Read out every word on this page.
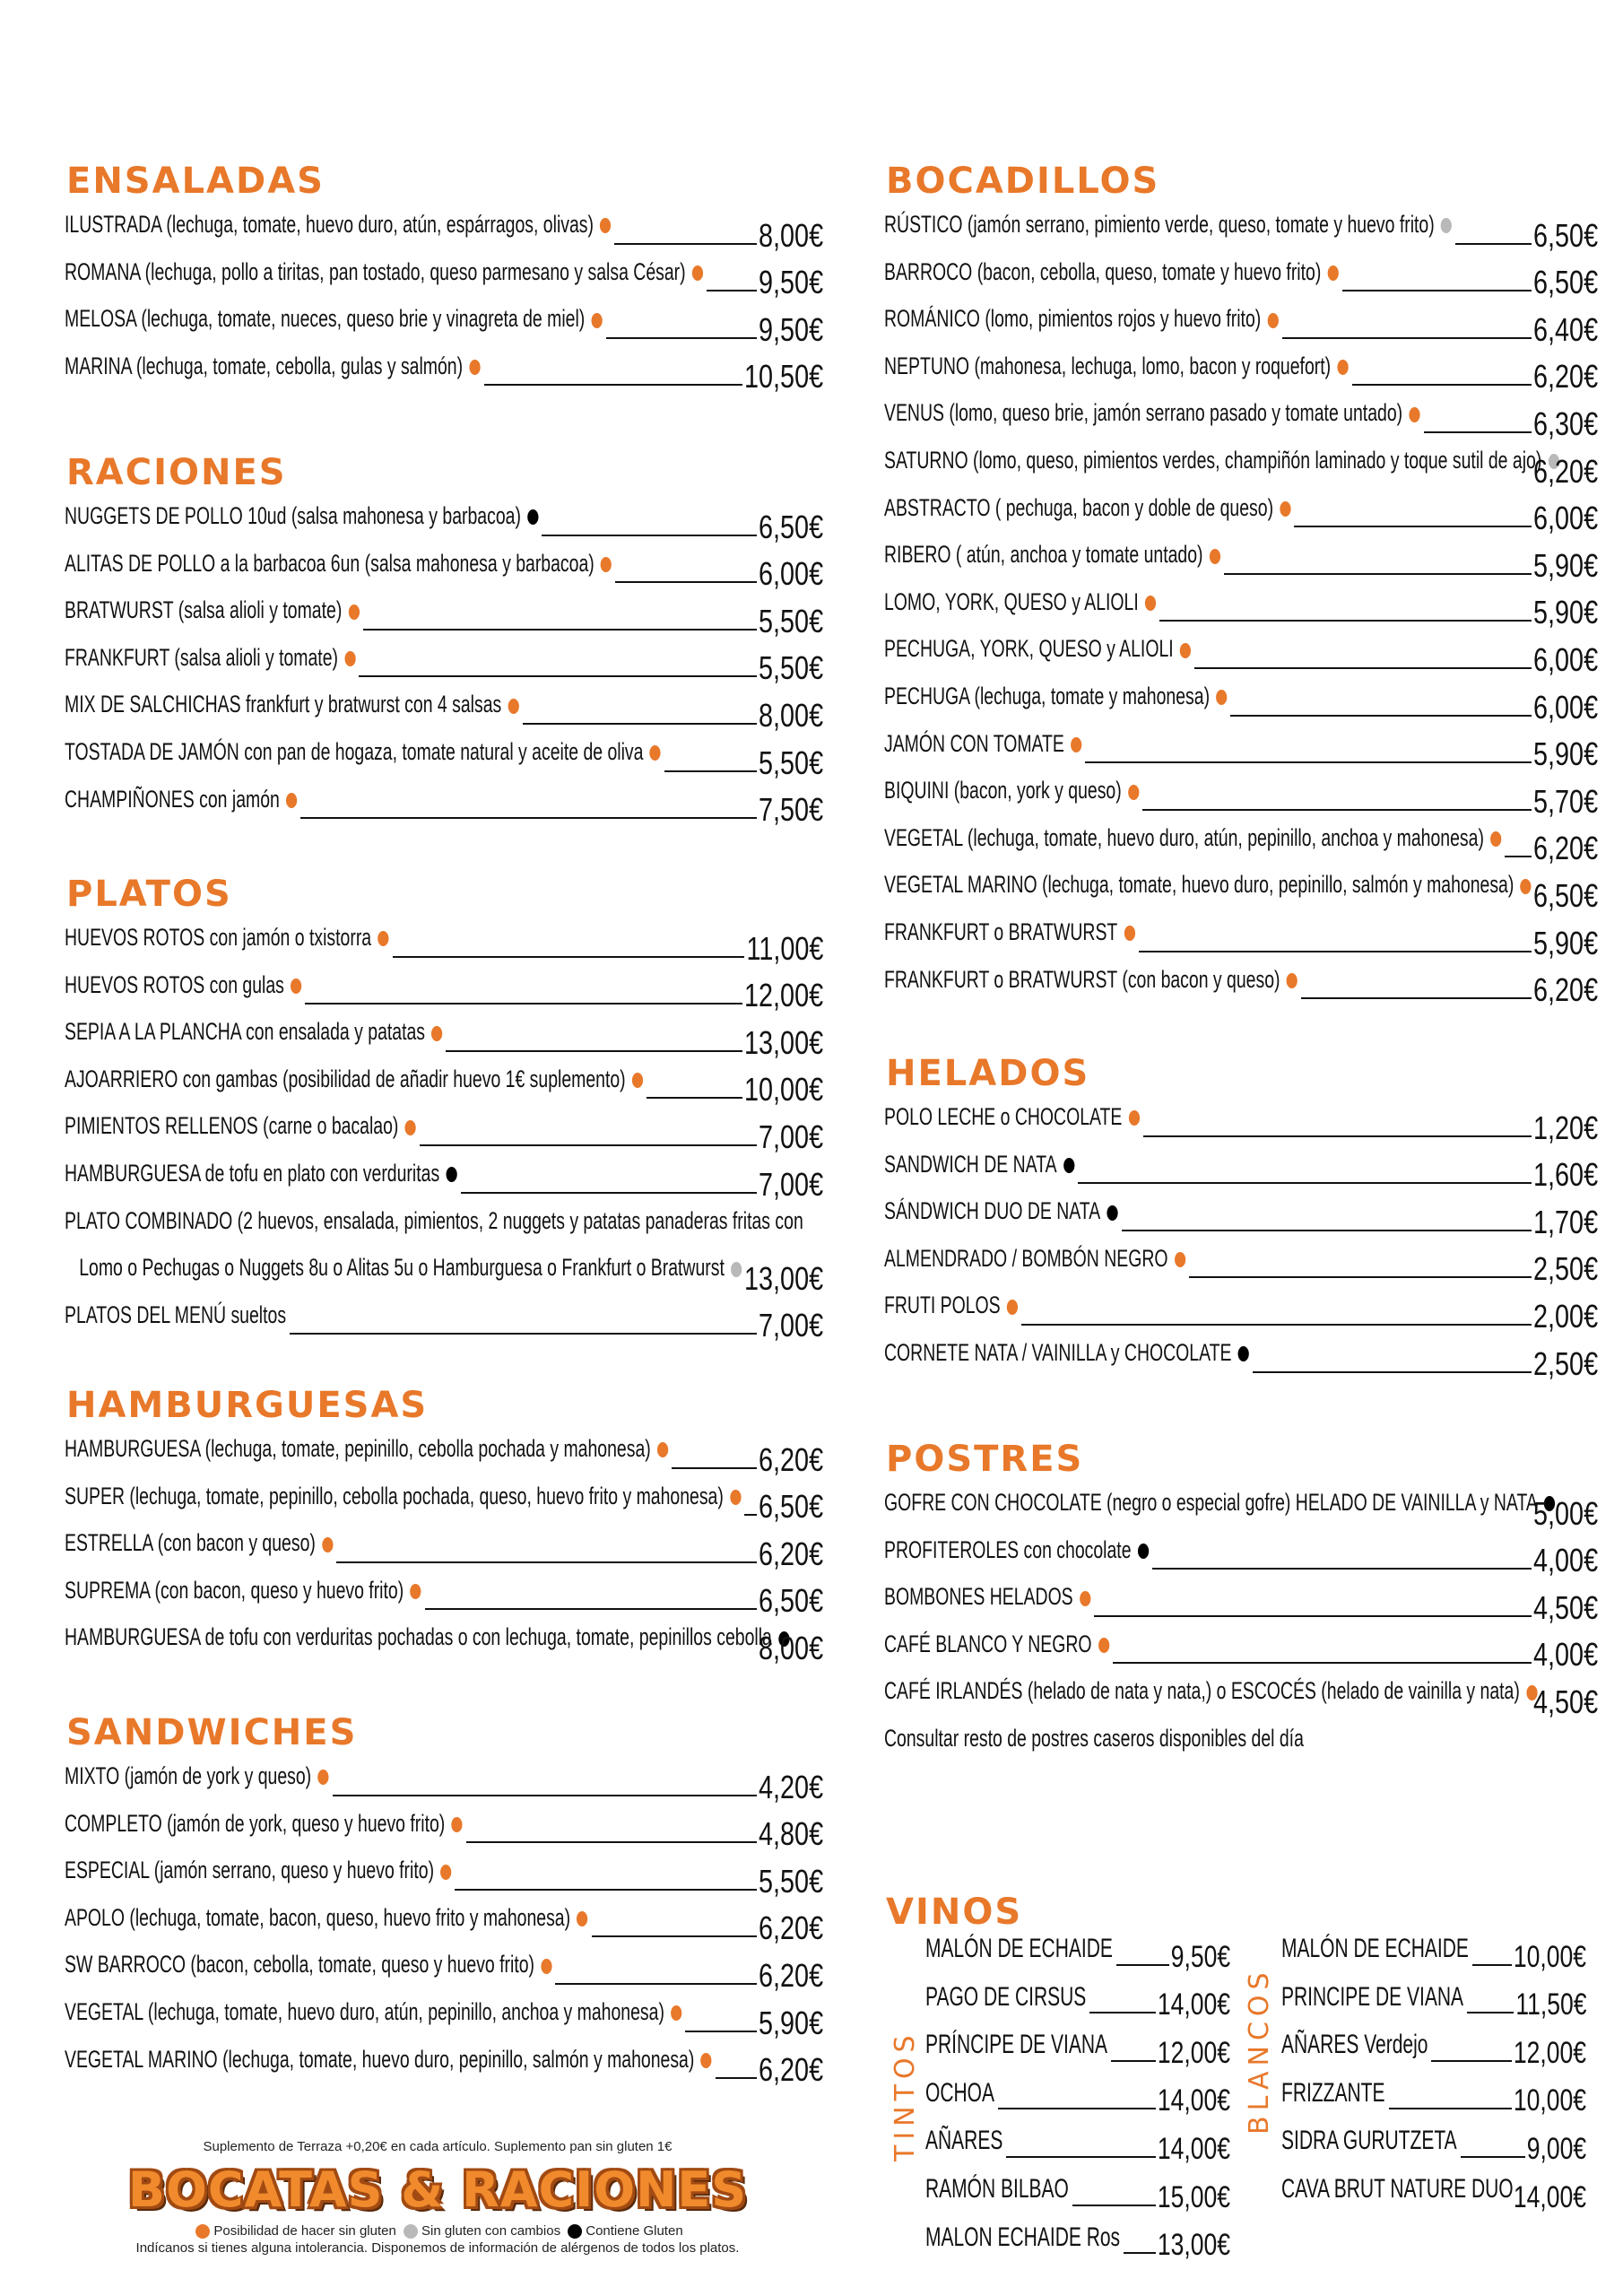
ENSALADAS
ILUSTRADA (lechuga, tomate, huevo duro, atún, espárragos, olivas)	8,00€
ROMANA (lechuga, pollo a tiritas, pan tostado, queso parmesano y salsa César)	9,50€
MELOSA (lechuga, tomate, nueces, queso brie y vinagreta de miel)	9,50€
MARINA (lechuga, tomate, cebolla, gulas y salmón)	10,50€
RACIONES
NUGGETS DE POLLO 10ud (salsa mahonesa y barbacoa)	6,50€
ALITAS DE POLLO a la barbacoa 6un (salsa mahonesa y barbacoa)	6,00€
BRATWURST (salsa alioli y tomate)	5,50€
FRANKFURT (salsa alioli y tomate)	5,50€
MIX DE SALCHICHAS frankfurt y bratwurst con 4 salsas	8,00€
TOSTADA DE JAMÓN con pan de hogaza, tomate natural y aceite de oliva	5,50€
CHAMPIÑONES con jamón	7,50€
PLATOS
HUEVOS ROTOS con jamón o txistorra	11,00€
HUEVOS ROTOS con gulas	12,00€
SEPIA A LA PLANCHA con ensalada y patatas	13,00€
AJOARRIERO con gambas (posibilidad de añadir huevo 1€ suplemento)	10,00€
PIMIENTOS RELLENOS (carne o bacalao)	7,00€
HAMBURGUESA de tofu en plato con verduritas	7,00€
PLATO COMBINADO (2 huevos, ensalada, pimientos, 2 nuggets y patatas panaderas fritas con
Lomo o Pechugas o Nuggets 8u o Alitas 5u o Hamburguesa o Frankfurt o Bratwurst 13,00€
PLATOS DEL MENÚ sueltos	7,00€
HAMBURGUESAS
HAMBURGUESA (lechuga, tomate, pepinillo, cebolla pochada y mahonesa)	6,20€
SUPER (lechuga, tomate, pepinillo, cebolla pochada, queso, huevo frito y mahonesa)	6,50€
ESTRELLA (con bacon y queso)	6,20€
SUPREMA (con bacon, queso y huevo frito)	6,50€
HAMBURGUESA de tofu con verduritas pochadas o con lechuga, tomate, pepinillos cebolla
8,00€
SANDWICHES
MIXTO (jamón de york y queso)	4,20€
COMPLETO (jamón de york, queso y huevo frito)	4,80€
ESPECIAL (jamón serrano, queso y huevo frito)	5,50€
APOLO (lechuga, tomate, bacon, queso, huevo frito y mahonesa)	6,20€
SW BARROCO (bacon, cebolla, tomate, queso y huevo frito)	6,20€
VEGETAL (lechuga, tomate, huevo duro, atún, pepinillo, anchoa y mahonesa)	5,90€
VEGETAL MARINO (lechuga, tomate, huevo duro, pepinillo, salmón y mahonesa)	6,20€
BOCADILLOS
RÚSTICO (jamón serrano, pimiento verde, queso, tomate y huevo frito)	6,50€
BARROCO (bacon, cebolla, queso, tomate y huevo frito)	6,50€
ROMÁNICO (lomo, pimientos rojos y huevo frito)	6,40€
NEPTUNO (mahonesa, lechuga, lomo, bacon y roquefort)	6,20€
VENUS (lomo, queso brie, jamón serrano pasado y tomate untado)	6,30€
SATURNO (lomo, queso, pimientos verdes, champiñón laminado y toque sutil de ajo)
6,20€
ABSTRACTO ( pechuga, bacon y doble de queso)	6,00€
RIBERO ( atún, anchoa y tomate untado)	5,90€
LOMO, YORK, QUESO y ALIOLI	5,90€
PECHUGA, YORK, QUESO y ALIOLI	6,00€
PECHUGA (lechuga, tomate y mahonesa)	6,00€
JAMÓN CON TOMATE	5,90€
BIQUINI (bacon, york y queso)	5,70€
VEGETAL (lechuga, tomate, huevo duro, atún, pepinillo, anchoa y mahonesa)	6,20€
VEGETAL MARINO (lechuga, tomate, huevo duro, pepinillo, salmón y mahonesa) 6,50€
FRANKFURT o BRATWURST	5,90€
FRANKFURT o BRATWURST (con bacon y queso)	6,20€
HELADOS
POLO LECHE o CHOCOLATE	1,20€
SANDWICH DE NATA	1,60€
SÁNDWICH DUO DE NATA	1,70€
ALMENDRADO / BOMBÓN NEGRO	2,50€
FRUTI POLOS	2,00€
CORNETE NATA / VAINILLA y CHOCOLATE	2,50€
POSTRES
GOFRE CON CHOCOLATE (negro o especial gofre) HELADO DE VAINILLA y NATA
5,00€
PROFITEROLES con chocolate	4,00€
BOMBONES HELADOS	4,50€
CAFÉ BLANCO Y NEGRO	4,00€
CAFÉ IRLANDÉS (helado de nata y nata,) o ESCOCÉS (helado de vainilla y nata) 4,50€
Consultar resto de postres caseros disponibles del día
VINOS
TINTOS	BLANCOS
MALÓN DE ECHAIDE 9,50€
PAGO DE CIRSUS 14,00€
PRÍNCIPE DE VIANA 12,00€
OCHOA	14,00€
AÑARES	14,00€
RAMÓN BILBAO	15,00€
MALON ECHAIDE Ros 13,00€
MALÓN DE ECHAIDE 10,00€
PRINCIPE DE VIANA 11,50€
AÑARES Verdejo	12,00€
FRIZZANTE	10,00€
SIDRA GURUTZETA 9,00€
CAVA BRUT NATURE DUO 14,00€
Suplemento de Terraza +0,20€ en cada artículo. Suplemento pan sin gluten 1€
BOCATAS & RACIONES
Posibilidad de hacer sin gluten Sin gluten con cambios Contiene Gluten
Indícanos si tienes alguna intolerancia. Disponemos de información de alérgenos de todos los platos.
